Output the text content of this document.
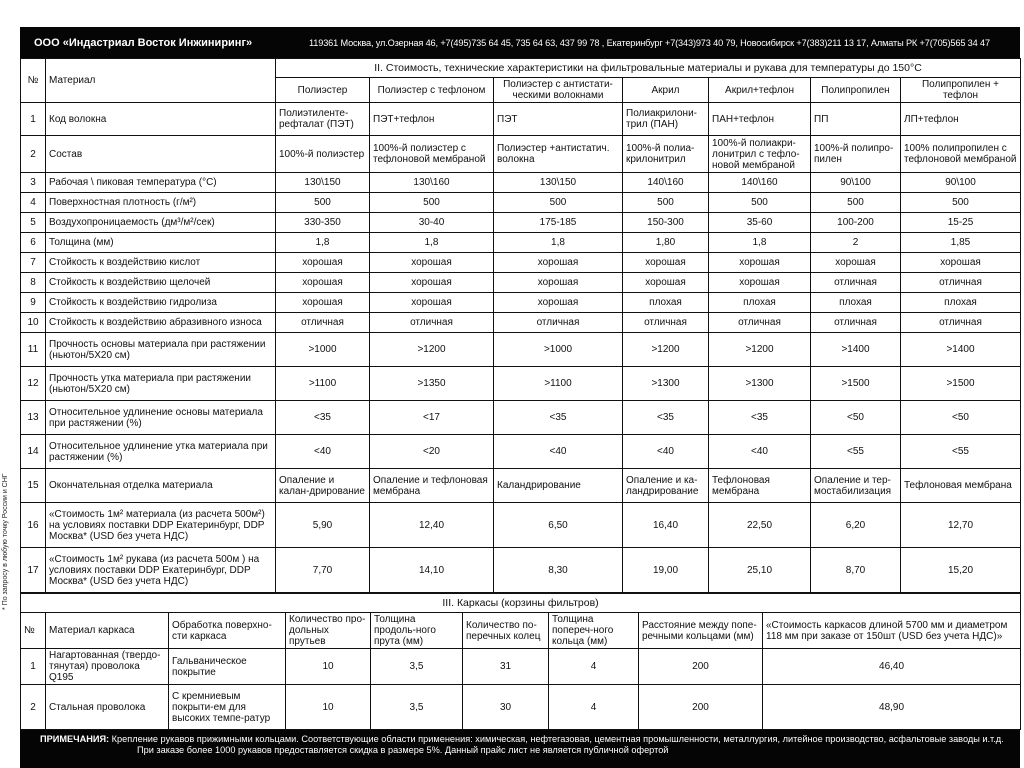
* По запросу в любую точку России и СНГ
ООО «Индастриал Восток Инжиниринг»	119361 Москва, ул.Озерная 46, +7(495)735 64 45, 735 64 63, 437 99 78 , Екатеринбург +7(343)973 40 79, Новосибирск +7(383)211 13 17, Алматы РК +7(705)565 34 47
№	Материал	II. Стоимость, технические характеристики на фильтровальные материалы и рукава для температуры до 150°С						
		Полиэстер	Полиэстер с тефлоном	Полиэстер с антистати-ческими волокнами	Акрил	Акрил+тефлон	Полипропилен	Полипропилен + тефлон
1	Код волокна	Полиэтиленте-рефталат (ПЭТ)	ПЭТ+тефлон	ПЭТ	Полиакрилони-трил (ПАН)	ПАН+тефлон	ПП	ЛП+тефлон
2	Состав	100%-й полиэстер	100%-й полиэстер с тефлоновой мембраной	Полиэстер +антистатич. волокна	100%-й полиа-крилонитрил	100%-й полиакри-лонитрил с тефло-новой мембраной	100%-й полипро-пилен	100% полипропилен с тефлоновой мембраной
3	Рабочая \ пиковая температура (°С)	130\150	130\160	130\150	140\160	140\160	90\100	90\100
4	Поверхностная плотность (г/м²)	500	500	500	500	500	500	500
5	Воздухопроницаемость (дм³/м²/сек)	330-350	30-40	175-185	150-300	35-60	100-200	15-25
6	Толщина (мм)	1,8	1,8	1,8	1,80	1,8	2	1,85
7	Стойкость к воздействию кислот	хорошая	хорошая	хорошая	хорошая	хорошая	хорошая	хорошая
8	Стойкость к воздействию щелочей	хорошая	хорошая	хорошая	хорошая	хорошая	отличная	отличная
9	Стойкость к воздействию гидролиза	хорошая	хорошая	хорошая	плохая	плохая	плохая	плохая
10	Стойкость к воздействию абразивного износа	отличная	отличная	отличная	отличная	отличная	отличная	отличная
11	Прочность основы материала при растяжении (ньютон/5Х20 см)	>1000	>1200	>1000	>1200	>1200	>1400	>1400
12	Прочность утка материала при растяжении (ньютон/5Х20 см)	>1100	>1350	>1100	>1300	>1300	>1500	>1500
13	Относительное удлинение основы материала при растяжении (%)	<35	<17	<35	<35	<35	<50	<50
14	Относительное удлинение утка материала при растяжении (%)	<40	<20	<40	<40	<40	<55	<55
15	Окончательная отделка материала	Опаление и калан-дрирование	Опаление и тефлоновая мембрана	Каландрирование	Опаление и ка-ландрирование	Тефлоновая мембрана	Опаление и тер-мостабилизация	Тефлоновая мембрана
16	«Стоимость 1м² материала (из расчета 500м²) на условиях поставки DDP Екатеринбург, DDP Москва* (USD без учета НДС)	5,90	12,40	6,50	16,40	22,50	6,20	12,70
17	«Стоимость 1м² рукава (из расчета 500м ) на условиях поставки DDP Екатеринбург, DDP Москва* (USD без учета НДС)	7,70	14,10	8,30	19,00	25,10	8,70	15,20
III. Каркасы (корзины фильтров)								
№	Материал каркаса	Обработка поверхно-сти каркаса	Количество про-дольных прутьев	Толщина продоль-ного прута (мм)	Количество по-перечных колец	Толщина попереч-ного кольца (мм)	Расстояние между попе-речными кольцами (мм)	«Стоимость каркасов длиной 5700 мм и диаметром 118 мм при заказе от 150шт (USD без учета НДС)»
1	Нагартованная (твердо-тянутая) проволока Q195	Гальваническое покрытие	10	3,5	31	4	200	46,40
2	Стальная проволока	С кремниевым покрыти-ем для высоких темпе-ратур	10	3,5	30	4	200	48,90
ПРИМЕЧАНИЯ: Крепление рукавов прижимными кольцами. Соответствующие области применения: химическая, нефтегазовая, цементная промышленности, металлургия, литейное производство, асфальтовые заводы и.т.д.
При заказе более 1000 рукавов предоставляется скидка в размере 5%. Данный прайс лист не является публичной офертой
